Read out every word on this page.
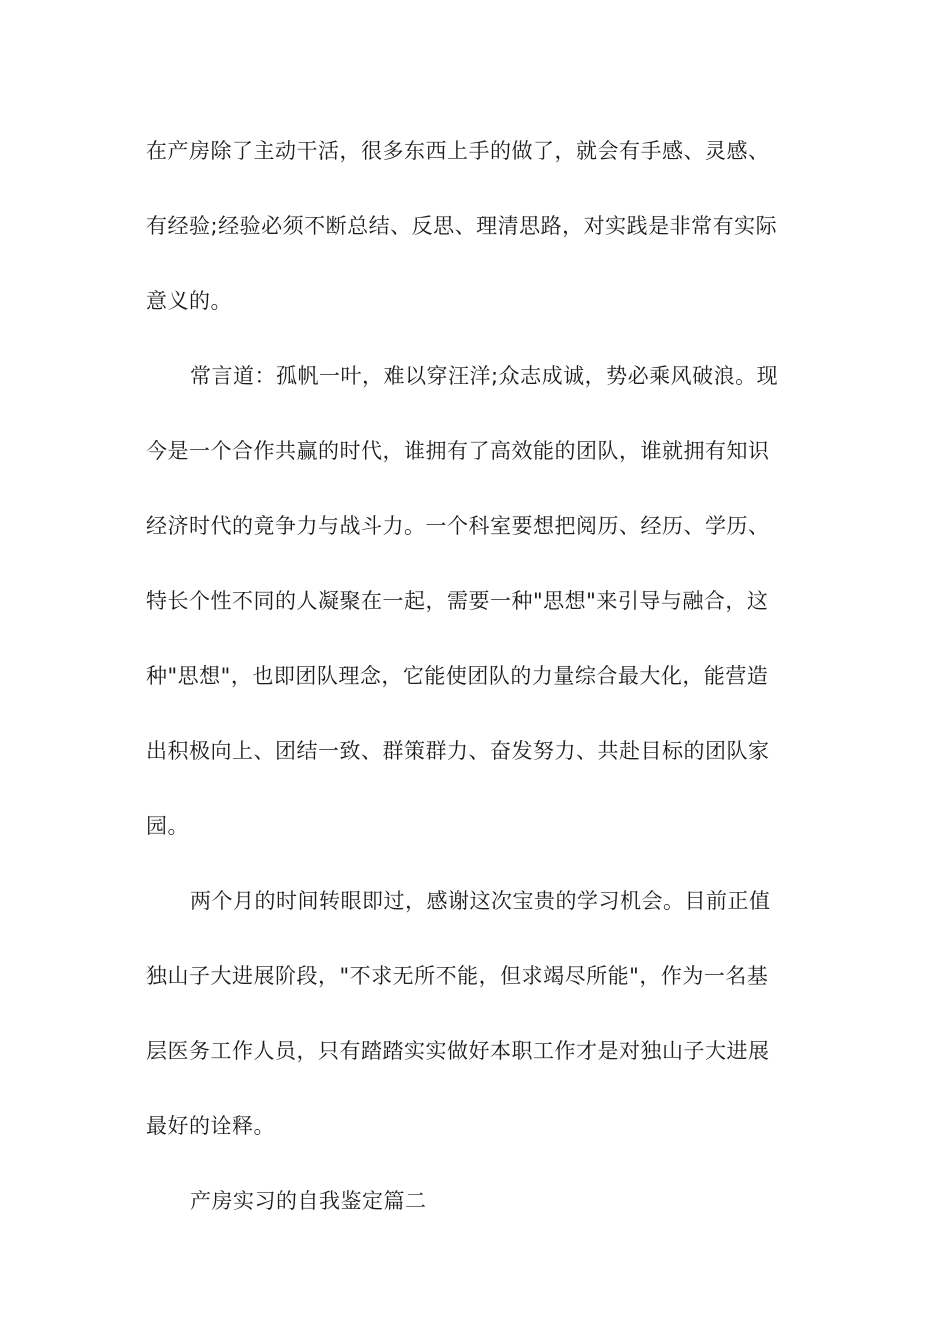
在产房除了主动干活，很多东西上手的做了，就会有手感、灵感、
有经验;经验必须不断总结、反思、理清思路，对实践是非常有实际
意义的。
常言道：孤帆一叶，难以穿汪洋;众志成诚，势必乘风破浪。现
今是一个合作共赢的时代，谁拥有了高效能的团队，谁就拥有知识
经济时代的竟争力与战斗力。一个科室要想把阅历、经历、学历、
特长个性不同的人凝聚在一起，需要一种"思想"来引导与融合，这
种"思想"，也即团队理念，它能使团队的力量综合最大化，能营造
出积极向上、团结一致、群策群力、奋发努力、共赴目标的团队家
园。
两个月的时间转眼即过，感谢这次宝贵的学习机会。目前正值
独山子大进展阶段，"不求无所不能，但求竭尽所能"，作为一名基
层医务工作人员，只有踏踏实实做好本职工作才是对独山子大进展
最好的诠释。
产房实习的自我鉴定篇二
